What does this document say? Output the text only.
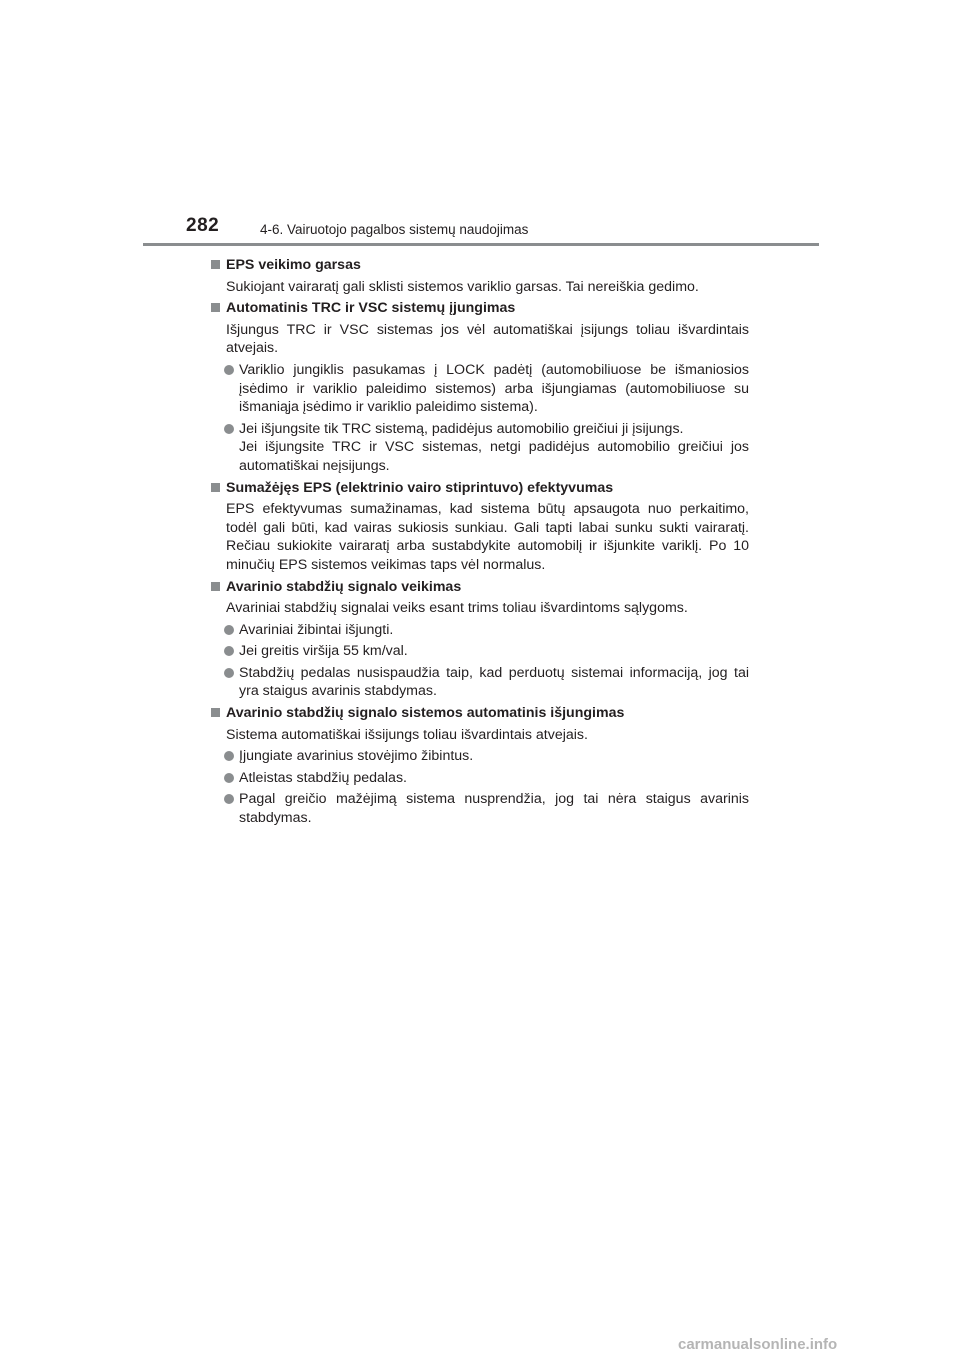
282	4-6. Vairuotojo pagalbos sistemų naudojimas
EPS veikimo garsas
Sukiojant vairaratį gali sklisti sistemos variklio garsas. Tai nereiškia gedimo.
Automatinis TRC ir VSC sistemų įjungimas
Išjungus TRC ir VSC sistemas jos vėl automatiškai įsijungs toliau išvardintais atvejais.
Variklio jungiklis pasukamas į LOCK padėtį (automobiliuose be išmaniosios įsėdimo ir variklio paleidimo sistemos) arba išjungiamas (automobiliuose su išmaniąja įsėdimo ir variklio paleidimo sistema).
Jei išjungsite tik TRC sistemą, padidėjus automobilio greičiui ji įsijungs.
Jei išjungsite TRC ir VSC sistemas, netgi padidėjus automobilio greičiui jos automatiškai neįsijungs.
Sumažėjęs EPS (elektrinio vairo stiprintuvo) efektyvumas
EPS efektyvumas sumažinamas, kad sistema būtų apsaugota nuo perkaitimo, todėl gali būti, kad vairas sukiosis sunkiau. Gali tapti labai sunku sukti vairaratį. Rečiau sukiokite vairaratį arba sustabdykite automobilį ir išjunkite variklį. Po 10 minučių EPS sistemos veikimas taps vėl normalus.
Avarinio stabdžių signalo veikimas
Avariniai stabdžių signalai veiks esant trims toliau išvardintoms sąlygoms.
Avariniai žibintai išjungti.
Jei greitis viršija 55 km/val.
Stabdžių pedalas nusispaudžia taip, kad perduotų sistemai informaciją, jog tai yra staigus avarinis stabdymas.
Avarinio stabdžių signalo sistemos automatinis išjungimas
Sistema automatiškai išsijungs toliau išvardintais atvejais.
Įjungiate avarinius stovėjimo žibintus.
Atleistas stabdžių pedalas.
Pagal greičio mažėjimą sistema nusprendžia, jog tai nėra staigus avarinis stabdymas.
carmanualsonline.info
